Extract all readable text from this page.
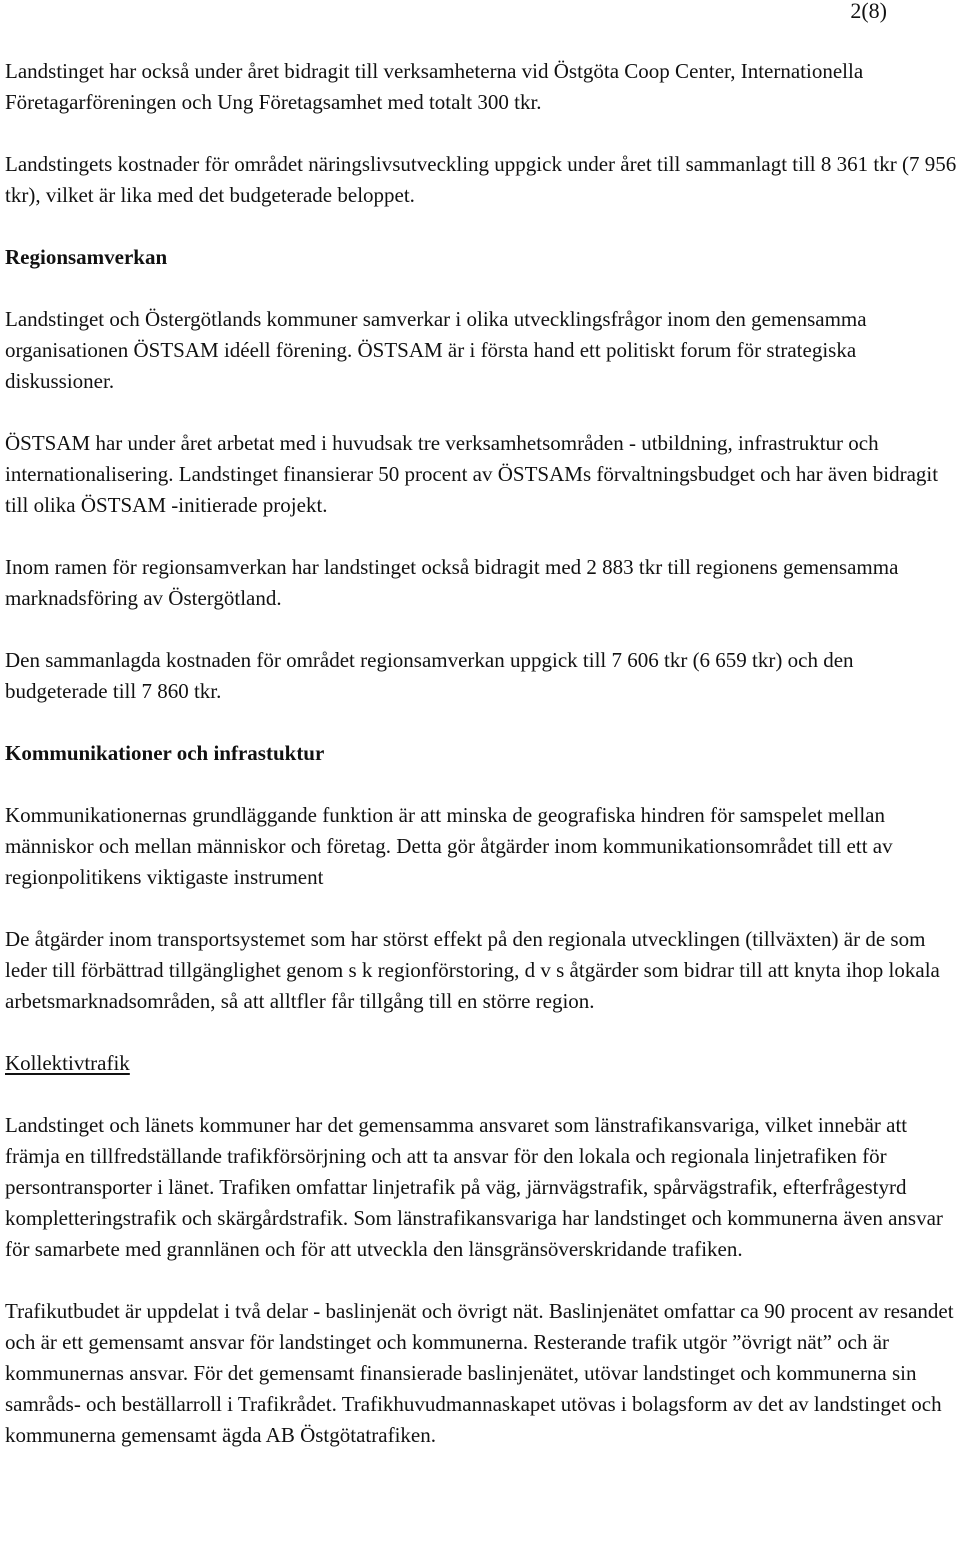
2(8)

Landstinget har också under året bidragit till verksamheterna vid Östgöta Coop Center, Internationella Företagarföreningen och Ung Företagsamhet med totalt 300 tkr.

Landstingets kostnader för området näringslivsutveckling uppgick under året till sammanlagt till 8 361 tkr (7 956 tkr), vilket är lika med det budgeterade beloppet.

Regionsamverkan

Landstinget och Östergötlands kommuner samverkar i olika utvecklingsfrågor inom den gemensamma organisationen ÖSTSAM idéell förening. ÖSTSAM är i första hand ett politiskt forum för strategiska diskussioner.

ÖSTSAM har under året arbetat med i huvudsak tre verksamhetsområden - utbildning, infrastruktur och internationalisering. Landstinget finansierar 50 procent av ÖSTSAMs förvaltningsbudget och har även bidragit till olika ÖSTSAM -initierade projekt.

Inom ramen för regionsamverkan har landstinget också bidragit med 2 883 tkr till regionens gemensamma marknadsföring av Östergötland.

Den sammanlagda kostnaden för området regionsamverkan uppgick till 7 606 tkr (6 659 tkr) och den budgeterade till 7 860 tkr.

Kommunikationer och infrastuktur

Kommunikationernas grundläggande funktion är att minska de geografiska hindren för samspelet mellan människor och mellan människor och företag. Detta gör åtgärder inom kommunikationsområdet till ett av regionpolitikens viktigaste instrument

De åtgärder inom transportsystemet som har störst effekt på den regionala utvecklingen (tillväxten) är de som leder till förbättrad tillgänglighet genom s k regionförstoring, d v s åtgärder som bidrar till att knyta ihop lokala arbetsmarknadsområden, så att alltfler får tillgång till en större region.

Kollektivtrafik

Landstinget och länets kommuner har det gemensamma ansvaret som länstrafikansvariga, vilket innebär att främja en tillfredställande trafikförsörjning och att ta ansvar för den lokala och regionala linjetrafiken för persontransporter i länet. Trafiken omfattar linjetrafik på väg, järnvägstrafik, spårvägstrafik, efterfrågestyrd kompletteringstrafik och skärgårdstrafik. Som länstrafikansvariga har landstinget och kommunerna även ansvar för samarbete med grannlänen och för att utveckla den länsgränsöverskridande trafiken.

Trafikutbudet är uppdelat i två delar - baslinjenät och övrigt nät. Baslinjenätet omfattar ca 90 procent av resandet och är ett gemensamt ansvar för landstinget och kommunerna. Resterande trafik utgör ”övrigt nät” och är kommunernas ansvar. För det gemensamt finansierade baslinjenätet, utövar landstinget och kommunerna sin samråds- och beställarroll i Trafikrådet. Trafikhuvudmannaskapet utövas i bolagsform av det av landstinget och kommunerna gemensamt ägda AB Östgötatrafiken.
